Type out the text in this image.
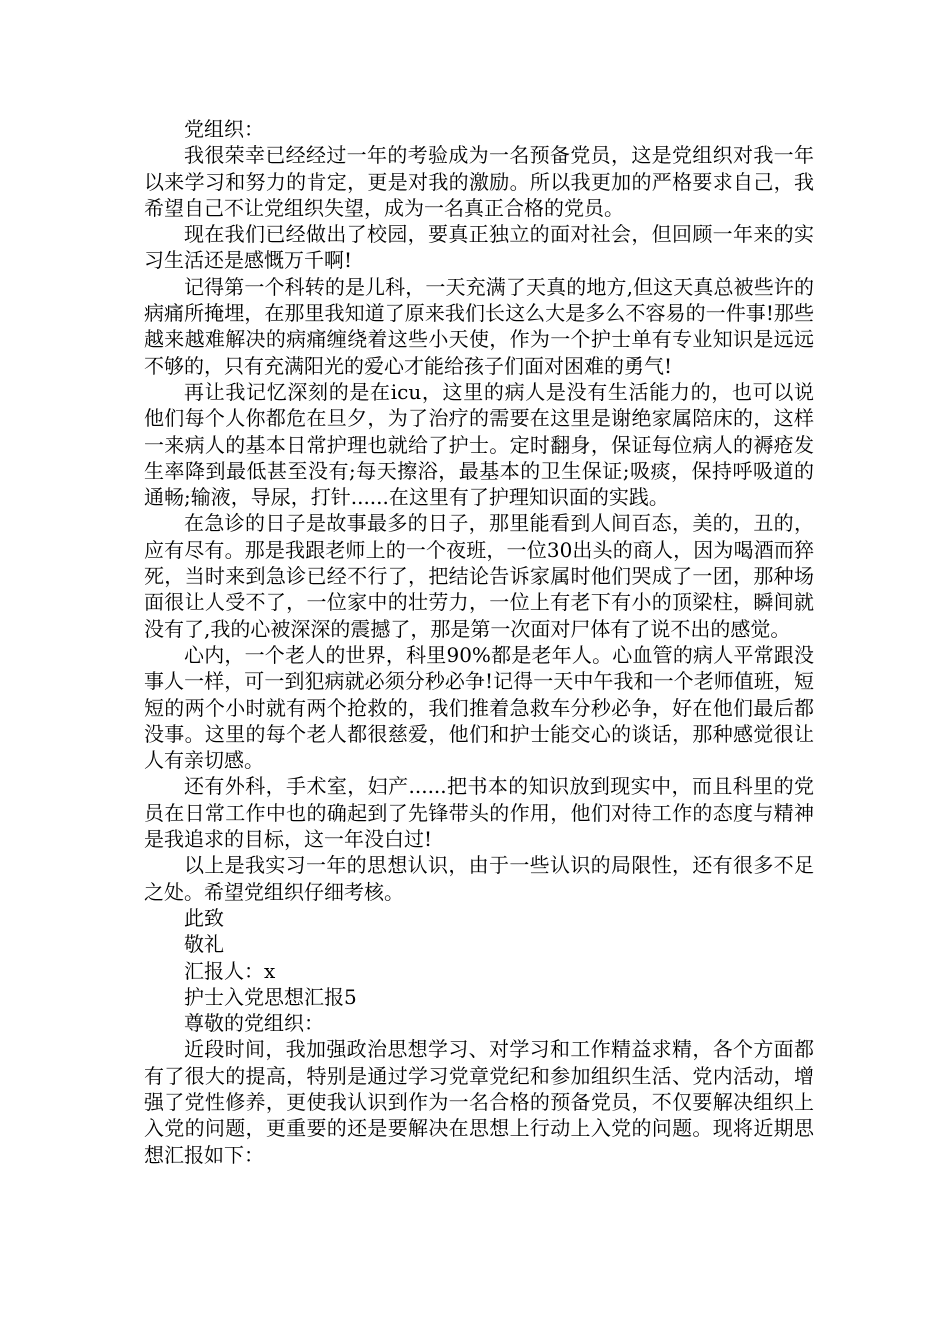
党组织：

我很荣幸已经经过一年的考验成为一名预备党员，这是党组织对我一年以来学习和努力的肯定，更是对我的激励。所以我更加的严格要求自己，我希望自己不让党组织失望，成为一名真正合格的党员。

现在我们已经做出了校园，要真正独立的面对社会，但回顾一年来的实习生活还是感慨万千啊!

记得第一个科转的是儿科，一天充满了天真的地方,但这天真总被些许的病痛所掩埋，在那里我知道了原来我们长这么大是多么不容易的一件事!那些越来越难解决的病痛缠绕着这些小天使，作为一个护士单有专业知识是远远不够的，只有充满阳光的爱心才能给孩子们面对困难的勇气!

再让我记忆深刻的是在icu，这里的病人是没有生活能力的，也可以说他们每个人你都危在旦夕，为了治疗的需要在这里是谢绝家属陪床的，这样一来病人的基本日常护理也就给了护士。定时翻身，保证每位病人的褥疮发生率降到最低甚至没有;每天擦浴，最基本的卫生保证;吸痰，保持呼吸道的通畅;输液，导尿，打针......在这里有了护理知识面的实践。

在急诊的日子是故事最多的日子，那里能看到人间百态，美的，丑的，应有尽有。那是我跟老师上的一个夜班，一位30出头的商人，因为喝酒而猝死，当时来到急诊已经不行了，把结论告诉家属时他们哭成了一团，那种场面很让人受不了，一位家中的壮劳力，一位上有老下有小的顶梁柱，瞬间就没有了,我的心被深深的震撼了，那是第一次面对尸体有了说不出的感觉。

心内，一个老人的世界，科里90%都是老年人。心血管的病人平常跟没事人一样，可一到犯病就必须分秒必争!记得一天中午我和一个老师值班，短短的两个小时就有两个抢救的，我们推着急救车分秒必争，好在他们最后都没事。这里的每个老人都很慈爱，他们和护士能交心的谈话，那种感觉很让人有亲切感。

还有外科，手术室，妇产......把书本的知识放到现实中，而且科里的党员在日常工作中也的确起到了先锋带头的作用，他们对待工作的态度与精神是我追求的目标，这一年没白过!

以上是我实习一年的思想认识，由于一些认识的局限性，还有很多不足之处。希望党组织仔细考核。

此致

敬礼

汇报人：x

护士入党思想汇报5

尊敬的党组织：

近段时间，我加强政治思想学习、对学习和工作精益求精，各个方面都有了很大的提高，特别是通过学习党章党纪和参加组织生活、党内活动，增强了党性修养，更使我认识到作为一名合格的预备党员，不仅要解决组织上入党的问题，更重要的还是要解决在思想上行动上入党的问题。现将近期思想汇报如下：
